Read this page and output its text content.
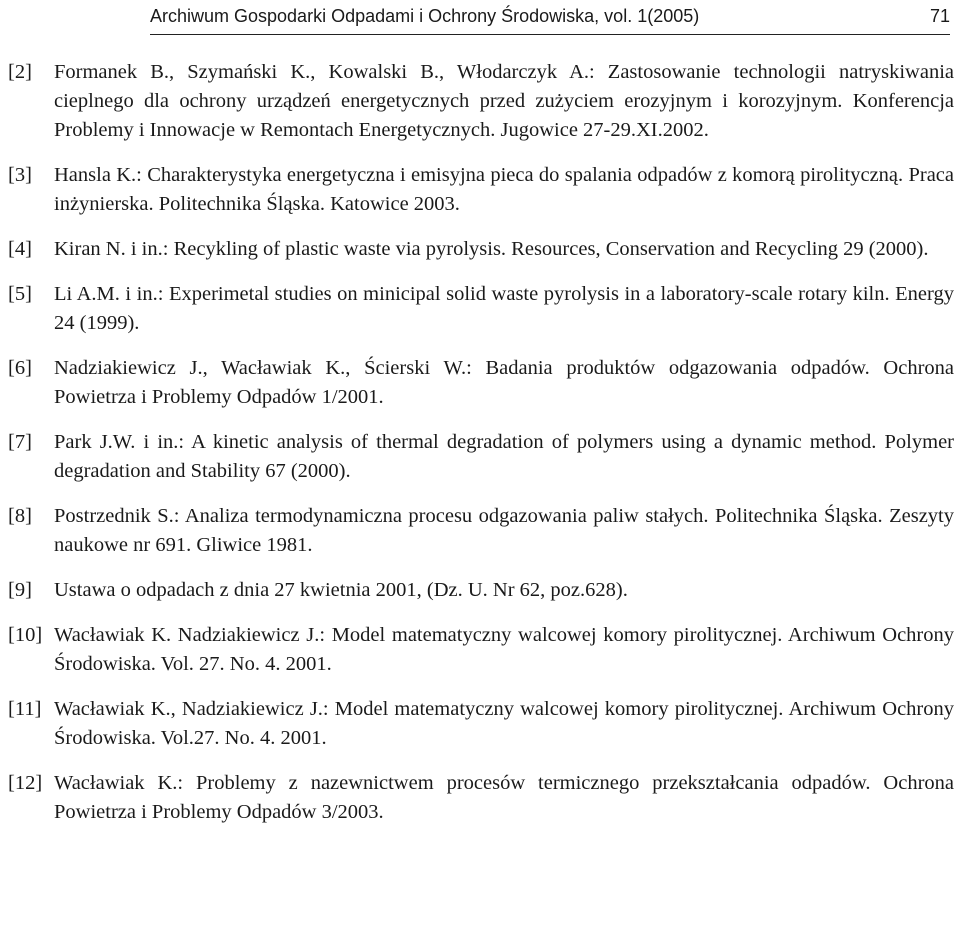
Archiwum Gospodarki Odpadami i Ochrony Środowiska, vol. 1(2005)	71
[2]	Formanek B., Szymański K., Kowalski B., Włodarczyk A.: Zastosowanie technologii natryskiwania cieplnego dla ochrony urządzeń energetycznych przed zużyciem erozyjnym i korozyjnym. Konferencja Problemy i Innowacje w Remontach Energetycznych. Jugowice 27-29.XI.2002.
[3]	Hansla K.: Charakterystyka energetyczna i emisyjna pieca do spalania odpadów z komorą pirolityczną. Praca inżynierska. Politechnika Śląska. Katowice 2003.
[4]	Kiran N. i in.: Recykling of plastic waste via pyrolysis. Resources, Conservation and Recycling 29 (2000).
[5]	Li A.M. i in.: Experimetal studies on minicipal solid waste pyrolysis in a laboratory-scale rotary kiln. Energy 24 (1999).
[6]	Nadziakiewicz J., Wacławiak K., Ścierski W.: Badania produktów odgazowania odpadów. Ochrona Powietrza i Problemy Odpadów 1/2001.
[7]	Park J.W. i in.: A kinetic analysis of thermal degradation of polymers using a dynamic method. Polymer degradation and Stability 67 (2000).
[8]	Postrzednik S.: Analiza termodynamiczna procesu odgazowania paliw stałych. Politechnika Śląska. Zeszyty naukowe nr 691. Gliwice 1981.
[9]	Ustawa o odpadach z dnia 27 kwietnia 2001, (Dz. U. Nr 62, poz.628).
[10] Wacławiak K. Nadziakiewicz J.: Model matematyczny walcowej komory pirolitycznej. Archiwum Ochrony Środowiska. Vol. 27. No. 4. 2001.
[11] Wacławiak K., Nadziakiewicz J.: Model matematyczny walcowej komory pirolitycznej. Archiwum Ochrony Środowiska. Vol.27. No. 4. 2001.
[12] Wacławiak K.: Problemy z nazewnictwem procesów termicznego przekształcania odpadów. Ochrona Powietrza i Problemy Odpadów 3/2003.
